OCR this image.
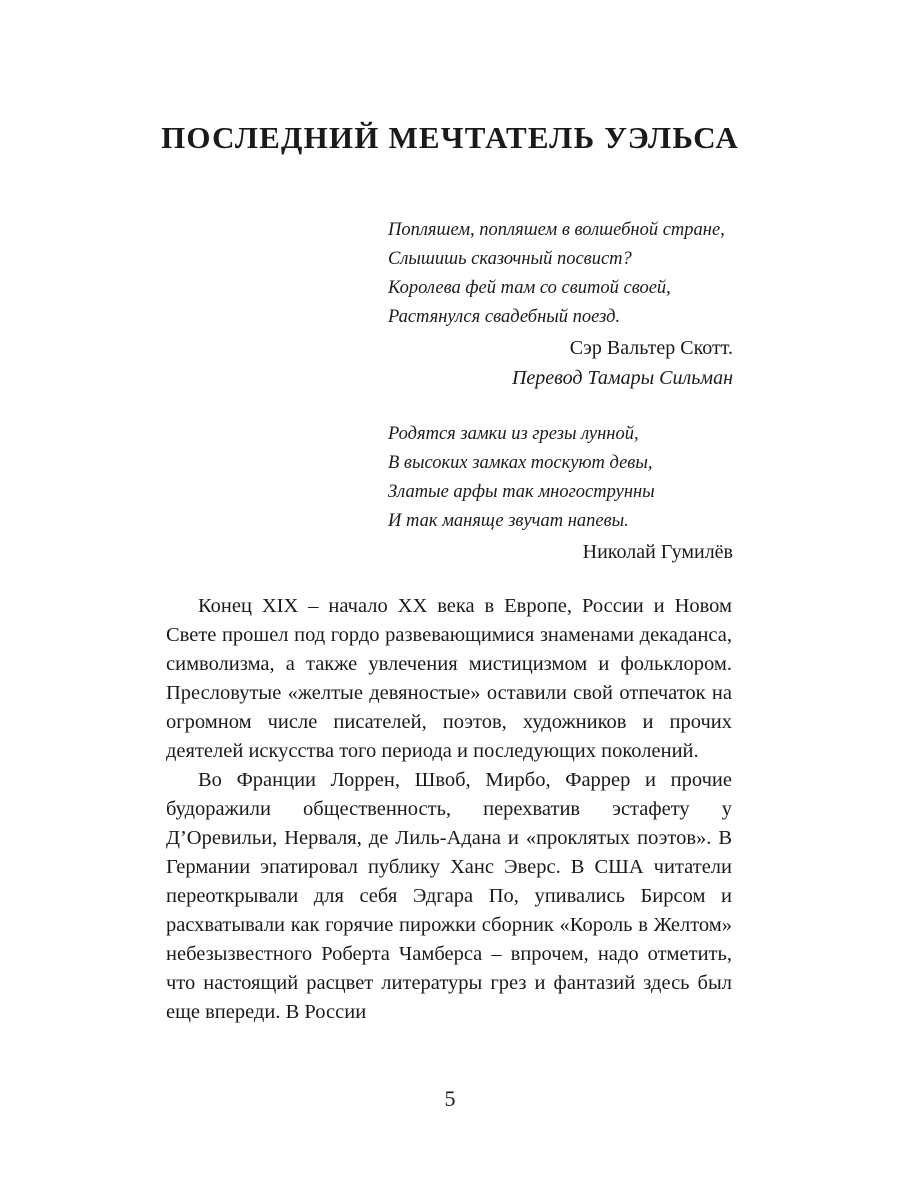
ПОСЛЕДНИЙ МЕЧТАТЕЛЬ УЭЛЬСА
Попляшем, попляшем в волшебной стране,
Слышишь сказочный посвист?
Королева фей там со свитой своей,
Растянулся свадебный поезд.
Сэр Вальтер Скотт.
Перевод Тамары Сильман
Родятся замки из грезы лунной,
В высоких замках тоскуют девы,
Златые арфы так многострунны
И так маняще звучат напевы.
Николай Гумилёв

Конец XIX – начало XX века в Европе, России и Новом Свете прошел под гордо развевающимися знаменами декаданса, символизма, а также увлечения мистицизмом и фольклором. Пресловутые «желтые девяностые» оставили свой отпечаток на огромном числе писателей, поэтов, художников и прочих деятелей искусства того периода и последующих поколений.

Во Франции Лоррен, Швоб, Мирбо, Фаррер и прочие будоражили общественность, перехватив эстафету у Д’Оревильи, Нерваля, де Лиль-Адана и «проклятых поэтов». В Германии эпатировал публику Ханс Эверс. В США читатели переоткрывали для себя Эдгара По, упивались Бирсом и расхватывали как горячие пирожки сборник «Король в Желтом» небезызвестного Роберта Чамберса – впрочем, надо отметить, что настоящий расцвет литературы грез и фантазий здесь был еще впереди. В России

5
